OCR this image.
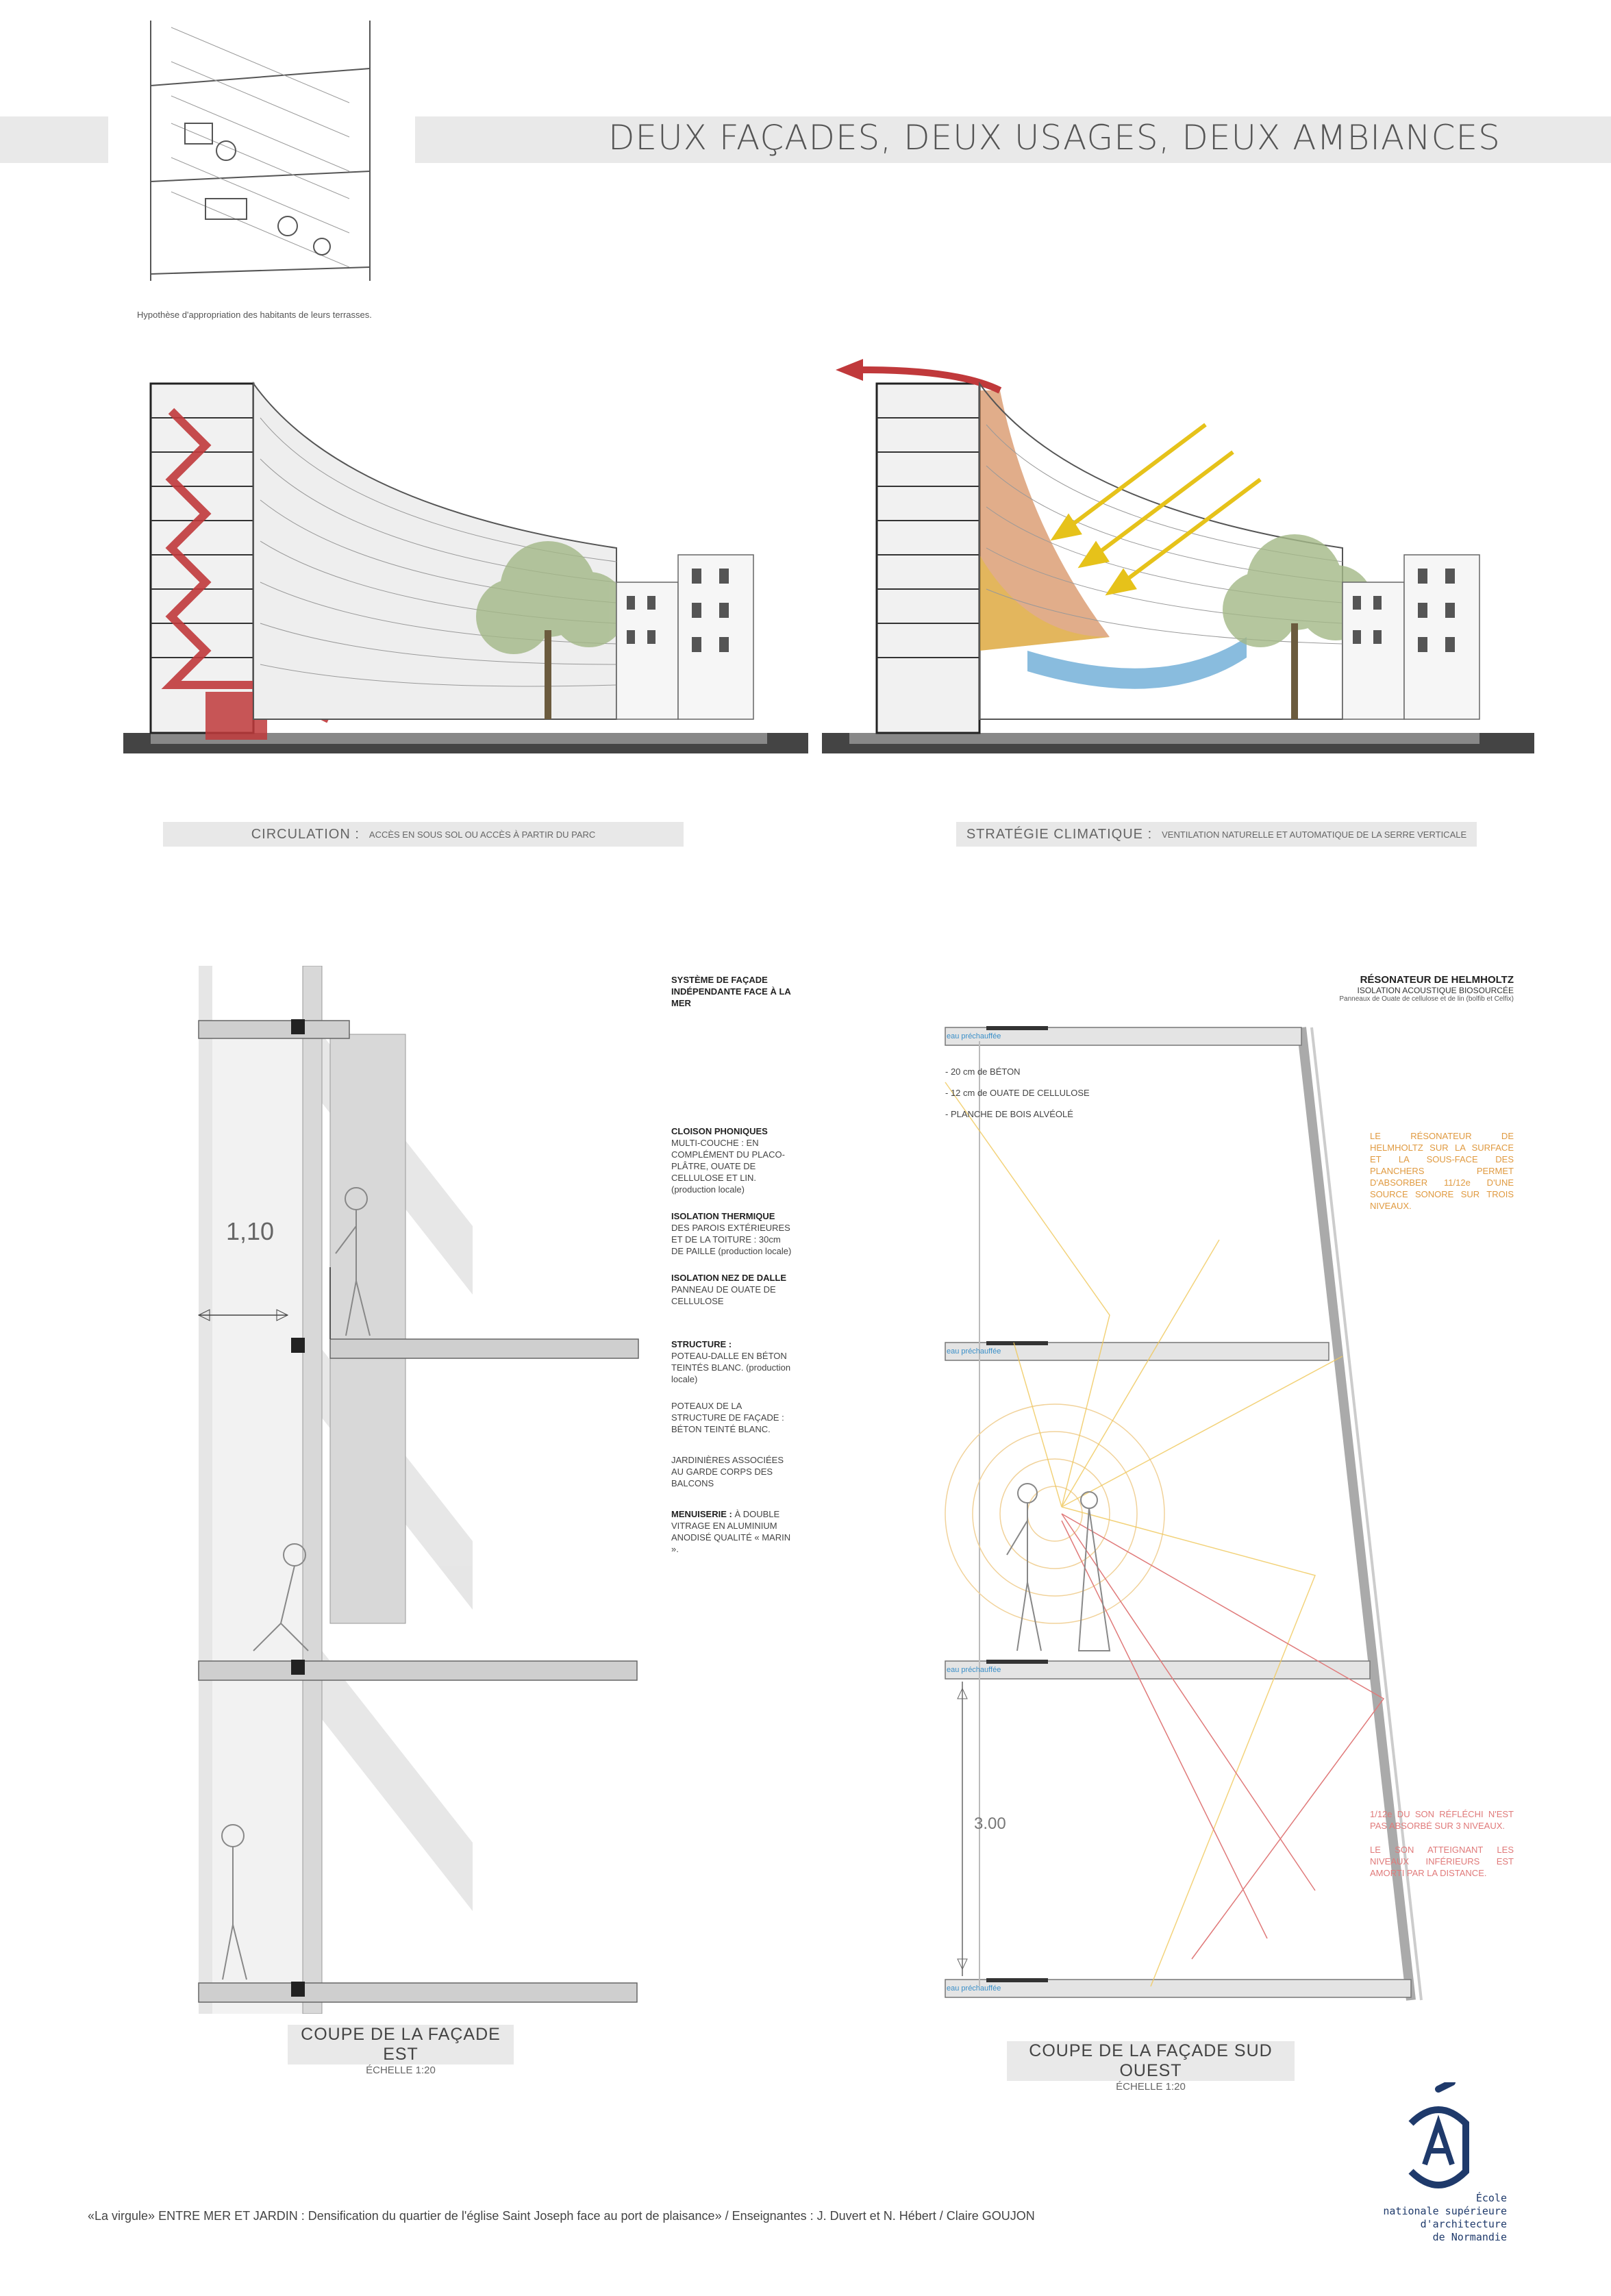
DEUX FAÇADES, DEUX USAGES, DEUX AMBIANCES
Hypothèse d'appropriation des habitants de leurs terrasses.
CIRCULATION : ACCÈS EN SOUS SOL OU ACCÈS À PARTIR DU PARC	STRATÉGIE CLIMATIQUE : VENTILATION NATURELLE ET AUTOMATIQUE DE LA SERRE VERTICALE
1,10
SYSTÈME DE FAÇADE INDÉPENDANTE FACE À LA MER
CLOISON PHONIQUES
MULTI-COUCHE : EN COMPLÉMENT DU PLACO-PLÂTRE, OUATE DE CELLULOSE ET LIN. (production locale)
ISOLATION THERMIQUE
DES PAROIS EXTÉRIEURES ET DE LA TOITURE : 30cm DE PAILLE (production locale)
ISOLATION NEZ DE DALLE
PANNEAU DE OUATE DE CELLULOSE
STRUCTURE :
POTEAU-DALLE EN BÉTON TEINTÉS BLANC. (production locale)
POTEAUX DE LA STRUCTURE DE FAÇADE : BÉTON TEINTÉ BLANC.
JARDINIÈRES ASSOCIÉES AU GARDE CORPS DES BALCONS
MENUISERIE : À DOUBLE VITRAGE EN ALUMINIUM ANODISÉ QUALITÉ « MARIN ».
COUPE DE LA FAÇADE EST
ÉCHELLE 1:20
3.00
eau préchauffée
eau préchauffée
eau préchauffée
eau préchauffée
RÉSONATEUR DE HELMHOLTZ
ISOLATION ACOUSTIQUE BIOSOURCÉE
Panneaux de Ouate de cellulose et de lin (bolfib et Celfix)
- 20 cm de BÉTON
- 12 cm de OUATE DE CELLULOSE
- PLANCHE DE BOIS ALVÉOLÉ
LE RÉSONATEUR DE HELMHOLTZ SUR LA SURFACE ET LA SOUS-FACE DES PLANCHERS PERMET D'ABSORBER 11/12e D'UNE SOURCE SONORE SUR TROIS NIVEAUX.
1/12e DU SON RÉFLÉCHI N'EST PAS ABSORBÉ SUR 3 NIVEAUX.
LE SON ATTEIGNANT LES NIVEAUX INFÉRIEURS EST AMORTI PAR LA DISTANCE.
COUPE DE LA FAÇADE SUD OUEST
ÉCHELLE 1:20
«La virgule» ENTRE MER ET JARDIN : Densification du quartier de l'église Saint Joseph face au port de plaisance» / Enseignantes : J. Duvert et N. Hébert / Claire GOUJON
École
nationale supérieure
d'architecture
de Normandie
